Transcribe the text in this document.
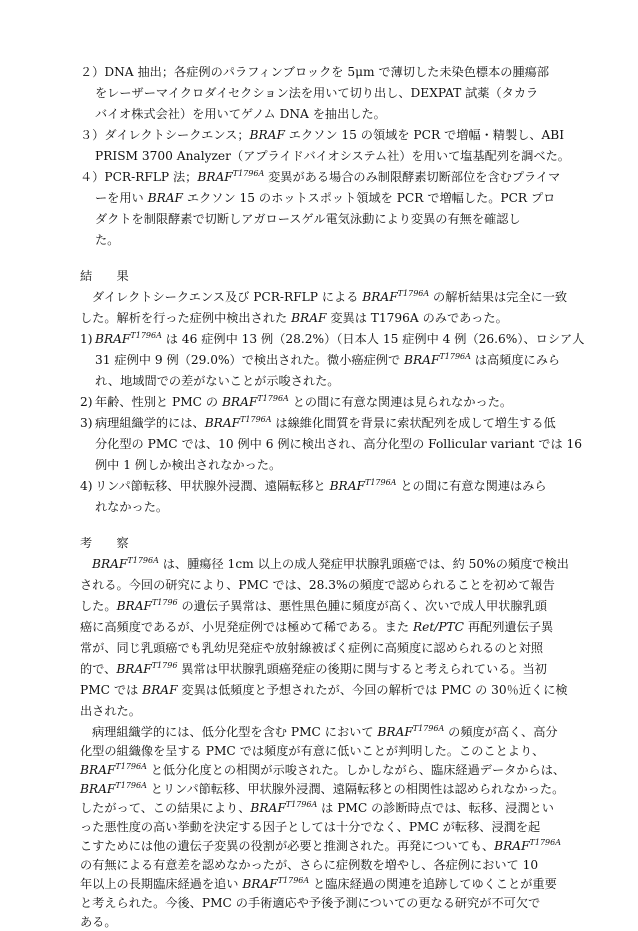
２）DNA 抽出；各症例のパラフィンブロックを 5μm で薄切した未染色標本の腫瘍部
をレーザーマイクロダイセクション法を用いて切り出し、DEXPAT 試薬（タカラ
バイオ株式会社）を用いてゲノム DNA を抽出した。
３）ダイレクトシークエンス；BRAF エクソン 15 の領域を PCR で増幅・精製し、ABI
PRISM 3700 Analyzer（アプライドバイオシステム社）を用いて塩基配列を調べた。
４）PCR-RFLP 法；$BRAF^{T1796A}$ 変異がある場合のみ制限酵素切断部位を含むプライマ
ーを用い BRAF エクソン 15 のホットスポット領域を PCR で増幅した。PCR プロ
ダクトを制限酵素で切断しアガロースゲル電気泳動により変異の有無を確認し
た。
結　　果
ダイレクトシークエンス及び PCR-RFLP による $BRAF^{T1796A}$ の解析結果は完全に一致
した。解析を行った症例中検出された BRAF 変異は T1796A のみであった。
1) $BRAF^{T1796A}$ は 46 症例中 13 例（28.2%）（日本人 15 症例中 4 例（26.6%）、ロシア人
31 症例中 9 例（29.0%）で検出された。微小癌症例で $BRAF^{T1796A}$ は高頻度にみら
れ、地域間での差がないことが示唆された。
2) 年齢、性別と PMC の $BRAF^{T1796A}$ との間に有意な関連は見られなかった。
3) 病理組織学的には、$BRAF^{T1796A}$ は線維化間質を背景に索状配列を成して増生する低
分化型の PMC では、10 例中 6 例に検出され、高分化型の Follicular variant では 16
例中 1 例しか検出されなかった。
4) リンパ節転移、甲状腺外浸潤、遠隔転移と $BRAF^{T1796A}$ との間に有意な関連はみら
れなかった。
考　　察
$BRAF^{T1796A}$ は、腫瘍径 1cm 以上の成人発症甲状腺乳頭癌では、約 50%の頻度で検出
される。今回の研究により、PMC では、28.3%の頻度で認められることを初めて報告
した。$BRAF^{T1796}$ の遺伝子異常は、悪性黒色腫に頻度が高く、次いで成人甲状腺乳頭
癌に高頻度であるが、小児発症例では極めて稀である。また Ret/PTC 再配列遺伝子異
常が、同じ乳頭癌でも乳幼児発症や放射線被ばく症例に高頻度に認められるのと対照
的で、$BRAF^{T1796}$ 異常は甲状腺乳頭癌発症の後期に関与すると考えられている。当初
PMC では BRAF 変異は低頻度と予想されたが、今回の解析では PMC の 30％近くに検
出された。
病理組織学的には、低分化型を含む PMC において $BRAF^{T1796A}$ の頻度が高く、高分
化型の組織像を呈する PMC では頻度が有意に低いことが判明した。このことより、
$BRAF^{T1796A}$ と低分化度との相関が示唆された。しかしながら、臨床経過データからは、
$BRAF^{T1796A}$ とリンパ節転移、甲状腺外浸潤、遠隔転移との相関性は認められなかった。
したがって、この結果により、$BRAF^{T1796A}$ は PMC の診断時点では、転移、浸潤とい
った悪性度の高い挙動を決定する因子としては十分でなく、PMC が転移、浸潤を起
こすためには他の遺伝子変異の役割が必要と推測された。再発についても、$BRAF^{T1796A}$
の有無による有意差を認めなかったが、さらに症例数を増やし、各症例において 10
年以上の長期臨床経過を追い $BRAF^{T1796A}$ と臨床経過の関連を追跡してゆくことが重要
と考えられた。今後、PMC の手術適応や予後予測についての更なる研究が不可欠で
ある。
